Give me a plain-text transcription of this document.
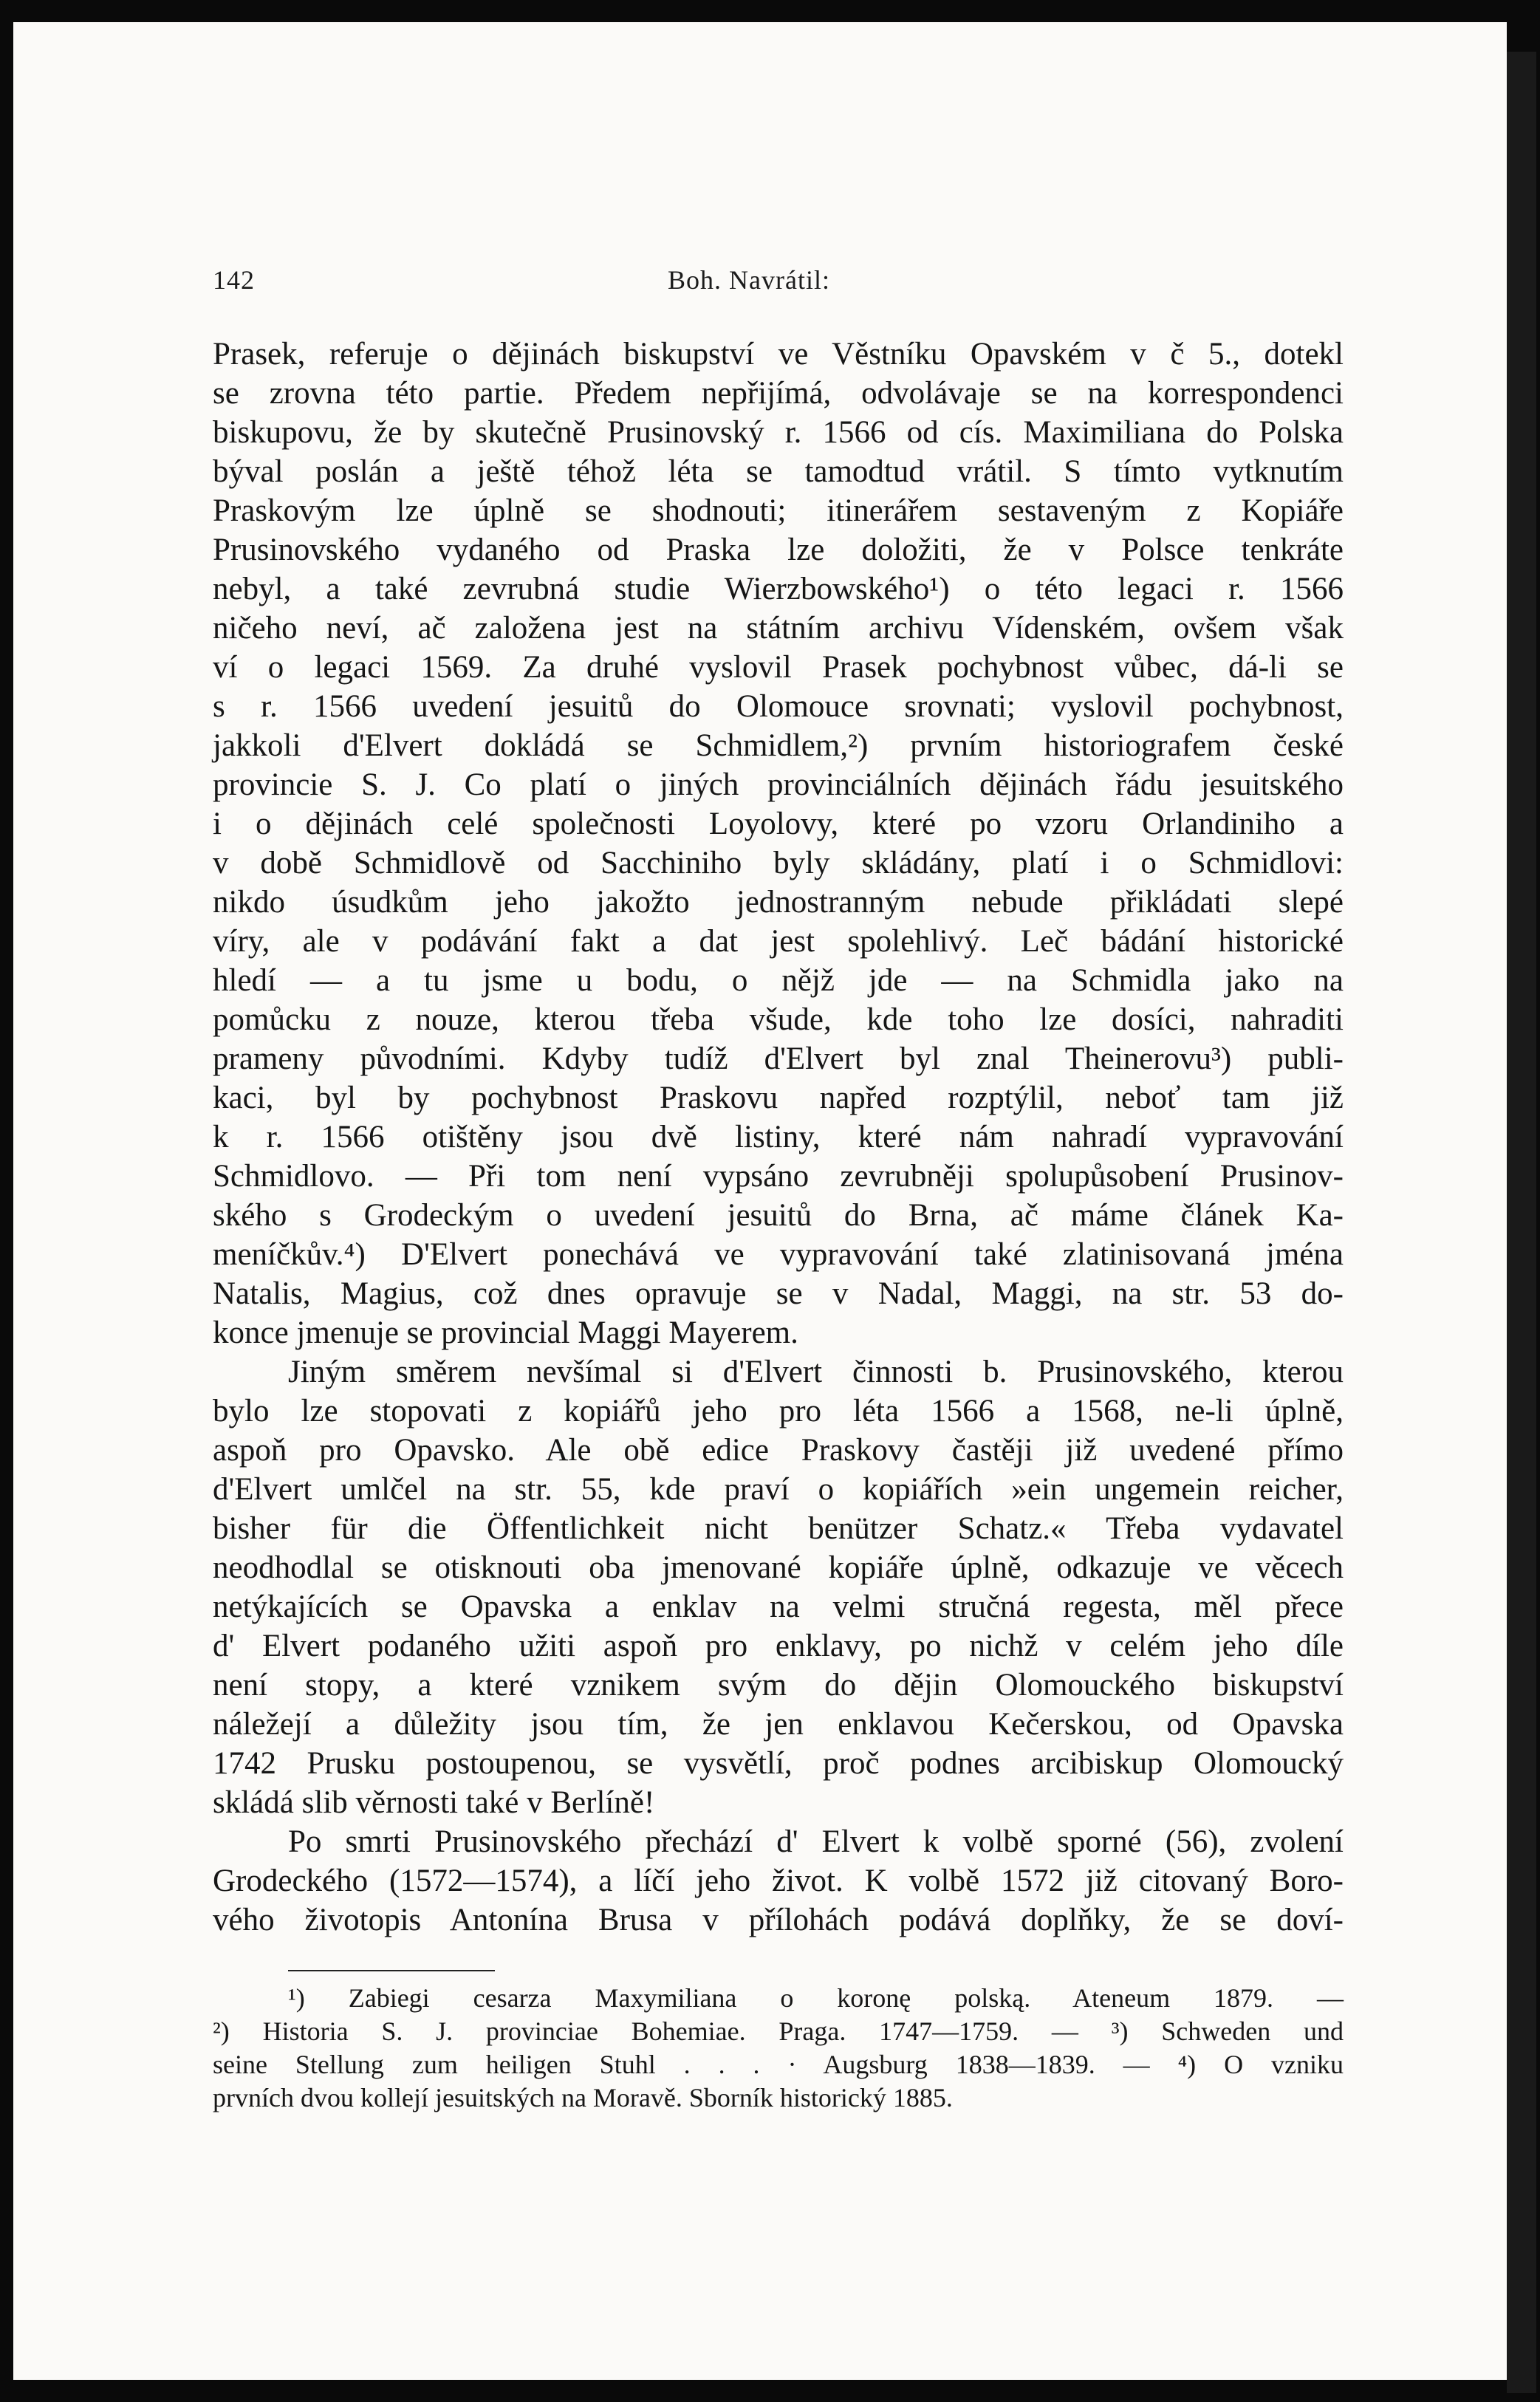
142	Boh. Navrátil:
Prasek, referuje o dějinách biskupství ve Věstníku Opavském v č 5., dotekl
se zrovna této partie. Předem nepřijímá, odvolávaje se na korrespondenci
biskupovu, že by skutečně Prusinovský r. 1566 od cís. Maximiliana do Polska
býval poslán a ještě téhož léta se tamodtud vrátil. S tímto vytknutím
Praskovým lze úplně se shodnouti; itinerářem sestaveným z Kopiáře
Prusinovského vydaného od Praska lze doložiti, že v Polsce tenkráte
nebyl, a také zevrubná studie Wierzbowského¹) o této legaci r. 1566
ničeho neví, ač založena jest na státním archivu Vídenském, ovšem však
ví o legaci 1569. Za druhé vyslovil Prasek pochybnost vůbec, dá-li se
s r. 1566 uvedení jesuitů do Olomouce srovnati; vyslovil pochybnost,
jakkoli d'Elvert dokládá se Schmidlem,²) prvním historiografem české
provincie S. J. Co platí o jiných provinciálních dějinách řádu jesuitského
i o dějinách celé společnosti Loyolovy, které po vzoru Orlandiniho a
v době Schmidlově od Sacchiniho byly skládány, platí i o Schmidlovi:
nikdo úsudkům jeho jakožto jednostranným nebude přikládati slepé
víry, ale v podávání fakt a dat jest spolehlivý. Leč bádání historické
hledí — a tu jsme u bodu, o nějž jde — na Schmidla jako na
pomůcku z nouze, kterou třeba všude, kde toho lze dosíci, nahraditi
prameny původními. Kdyby tudíž d'Elvert byl znal Theinerovu³) publi-
kaci, byl by pochybnost Praskovu napřed rozptýlil, neboť tam již
k r. 1566 otištěny jsou dvě listiny, které nám nahradí vypravování
Schmidlovo. — Při tom není vypsáno zevrubněji spolupůsobení Prusinov-
ského s Grodeckým o uvedení jesuitů do Brna, ač máme článek Ka-
meníčkův.⁴) D'Elvert ponechává ve vypravování také zlatinisovaná jména
Natalis, Magius, což dnes opravuje se v Nadal, Maggi, na str. 53 do-
konce jmenuje se provincial Maggi Mayerem.
Jiným směrem nevšímal si d'Elvert činnosti b. Prusinovského, kterou
bylo lze stopovati z kopiářů jeho pro léta 1566 a 1568, ne-li úplně,
aspoň pro Opavsko. Ale obě edice Praskovy častěji již uvedené přímo
d'Elvert umlčel na str. 55, kde praví o kopiářích »ein ungemein reicher,
bisher für die Öffentlichkeit nicht benützer Schatz.« Třeba vydavatel
neodhodlal se otisknouti oba jmenované kopiáře úplně, odkazuje ve věcech
netýkajících se Opavska a enklav na velmi stručná regesta, měl přece
d' Elvert podaného užiti aspoň pro enklavy, po nichž v celém jeho díle
není stopy, a které vznikem svým do dějin Olomouckého biskupství
náležejí a důležity jsou tím, že jen enklavou Kečerskou, od Opavska
1742 Prusku postoupenou, se vysvětlí, proč podnes arcibiskup Olomoucký
skládá slib věrnosti také v Berlíně!
Po smrti Prusinovského přechází d' Elvert k volbě sporné (56), zvolení
Grodeckého (1572—1574), a líčí jeho život. K volbě 1572 již citovaný Boro-
vého životopis Antonína Brusa v přílohách podává doplňky, že se doví-
¹) Zabiegi cesarza Maxymiliana o koronę polską. Ateneum 1879. —
²) Historia S. J. provinciae Bohemiae. Praga. 1747—1759. — ³) Schweden und
seine Stellung zum heiligen Stuhl . . . · Augsburg 1838—1839. — ⁴) O vzniku
prvních dvou kollejí jesuitských na Moravě. Sborník historický 1885.
